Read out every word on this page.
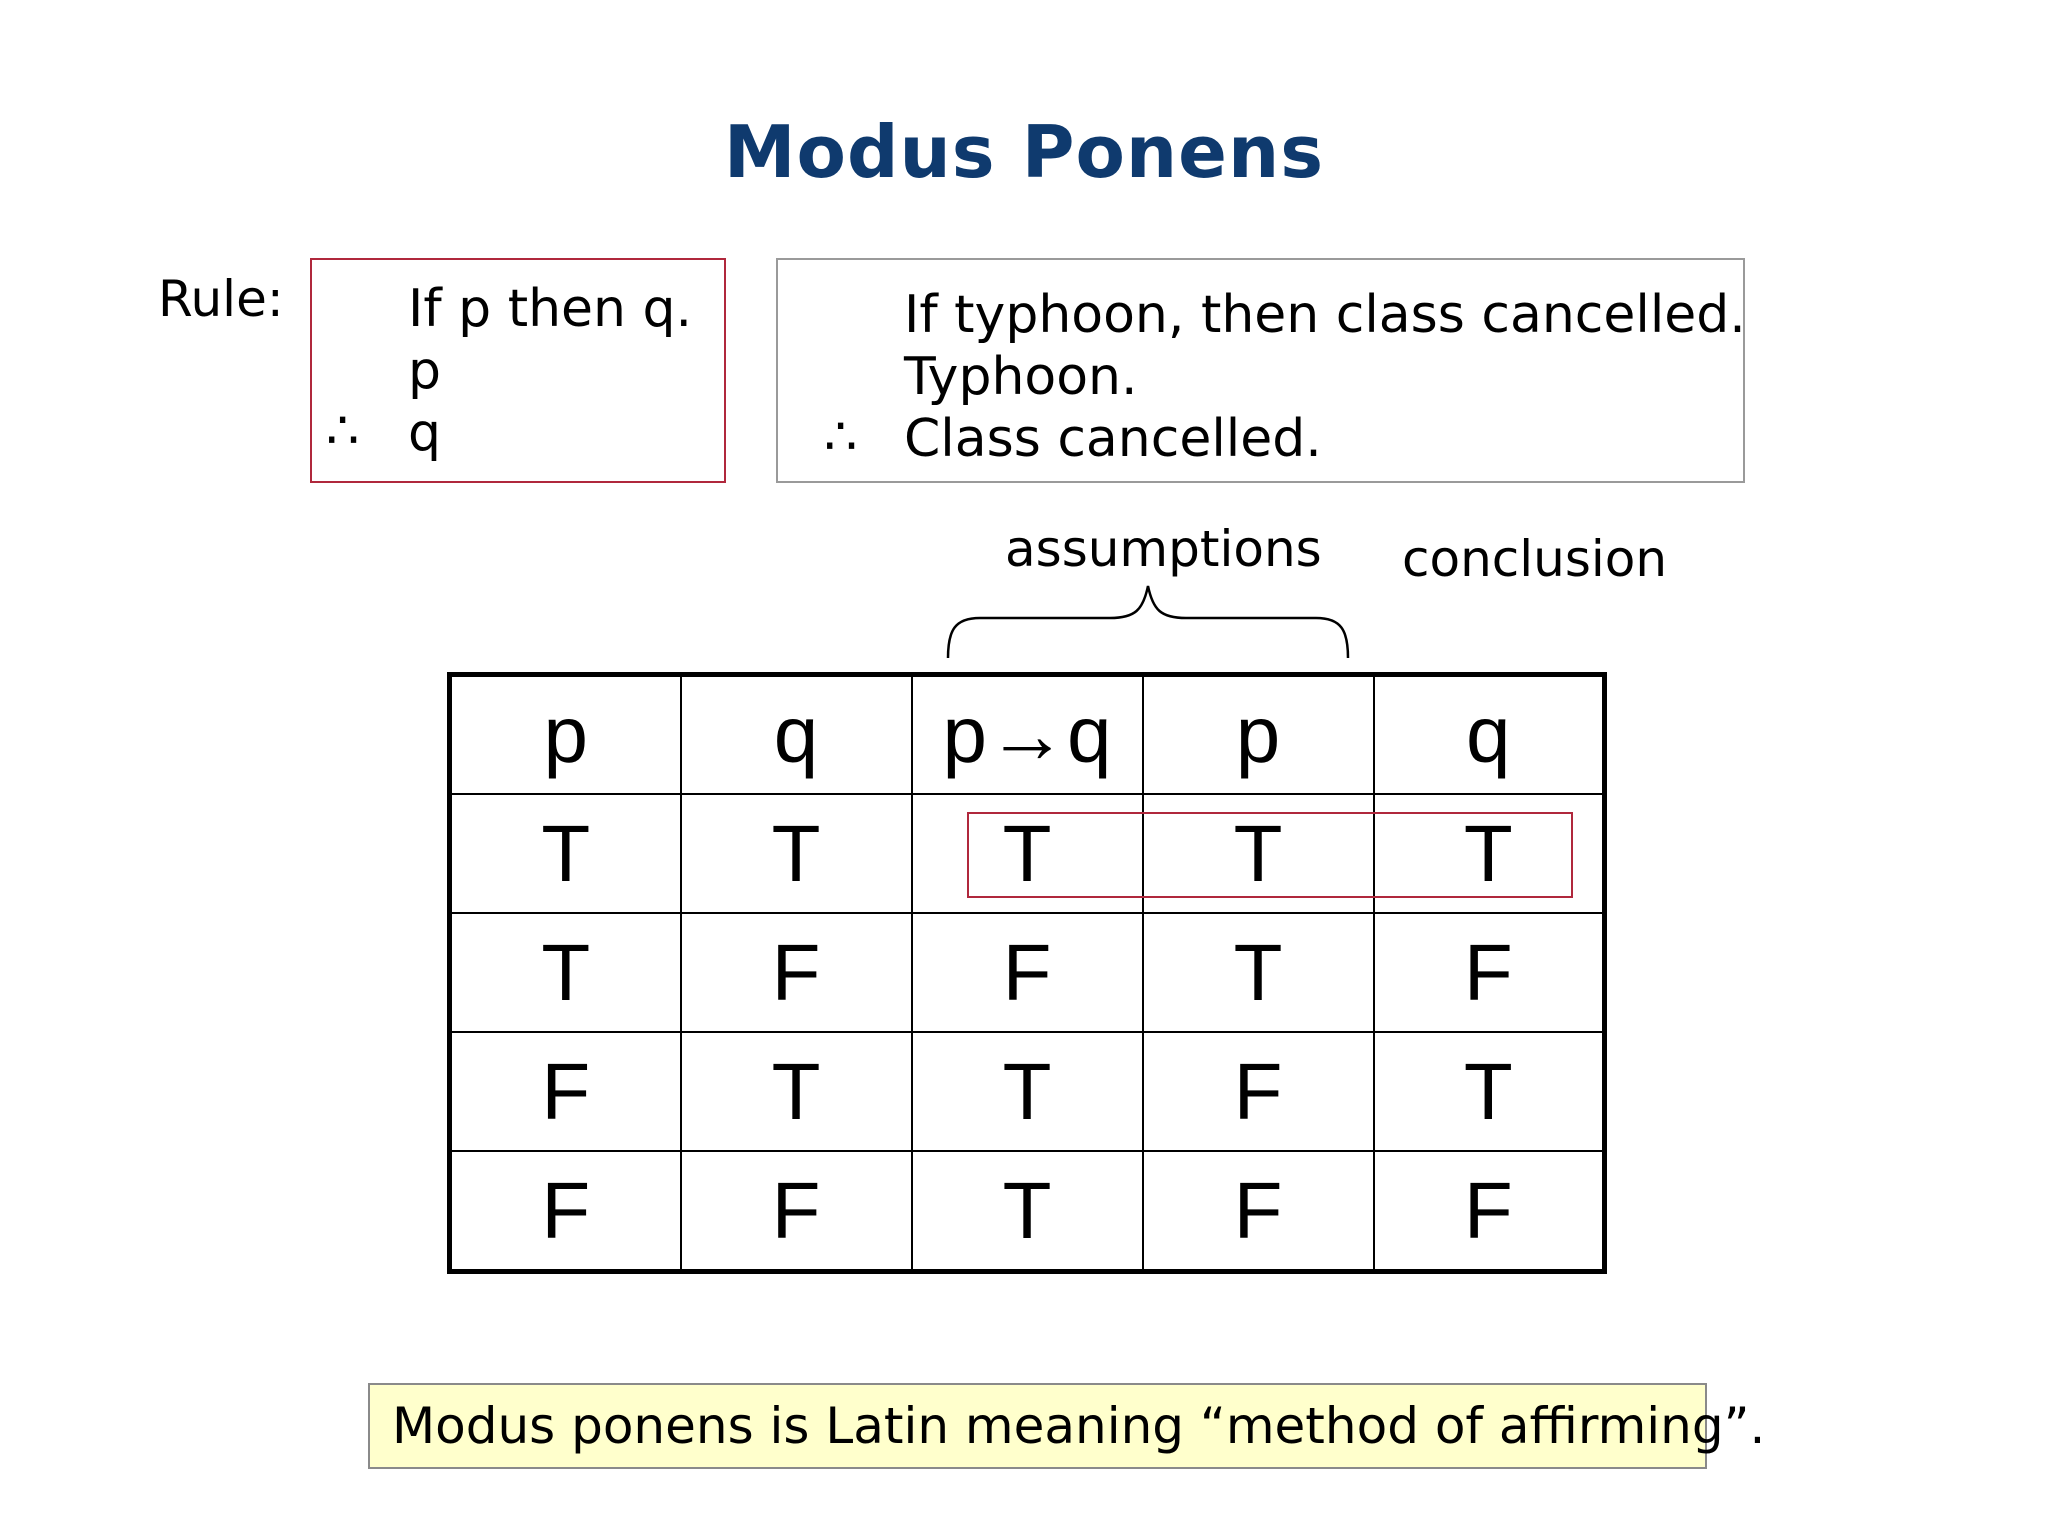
Modus Ponens
Rule: If p then q.
p
∴ q
If typhoon, then class cancelled.
Typhoon.
∴ Class cancelled.
assumptions conclusion
p	q	p→q	p	q
T	T	T	T	T
T	F	F	T	F
F	T	T	F	T
F	F	T	F	F
Modus ponens is Latin meaning “method of affirming”.
